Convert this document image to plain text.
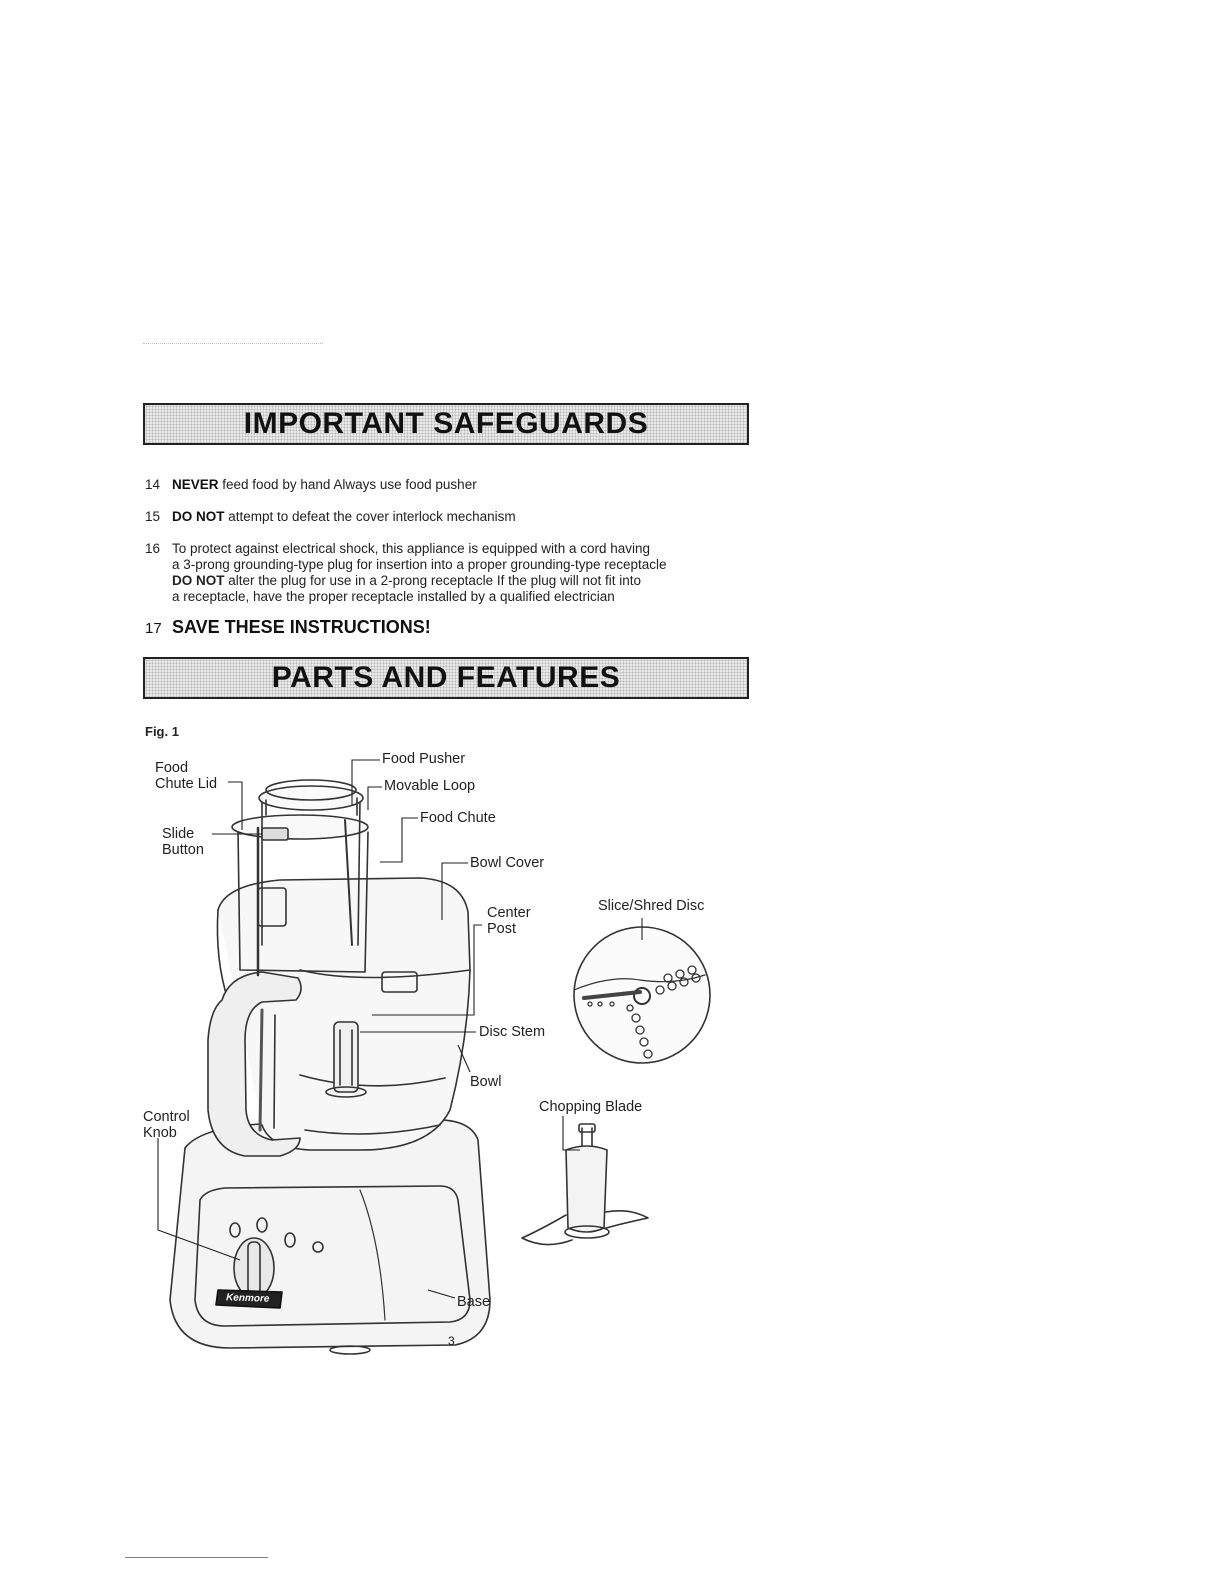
IMPORTANT SAFEGUARDS
14 NEVER feed food by hand Always use food pusher
15 DO NOT attempt to defeat the cover interlock mechanism
16 To protect against electrical shock, this appliance is equipped with a cord having
a 3-prong grounding-type plug for insertion into a proper grounding-type receptacle
DO NOT alter the plug for use in a 2-prong receptacle If the plug will not fit into
a receptacle, have the proper receptacle installed by a qualified electrician
17 SAVE THESE INSTRUCTIONS!
PARTS AND FEATURES
Fig. 1
Food
Chute Lid
Slide
Button
Food Pusher
Movable Loop
Food Chute
Bowl Cover
Center
Post
Disc Stem
Bowl
Control
Knob
Base
Slice/Shred Disc
Chopping Blade
Kenmore
3
